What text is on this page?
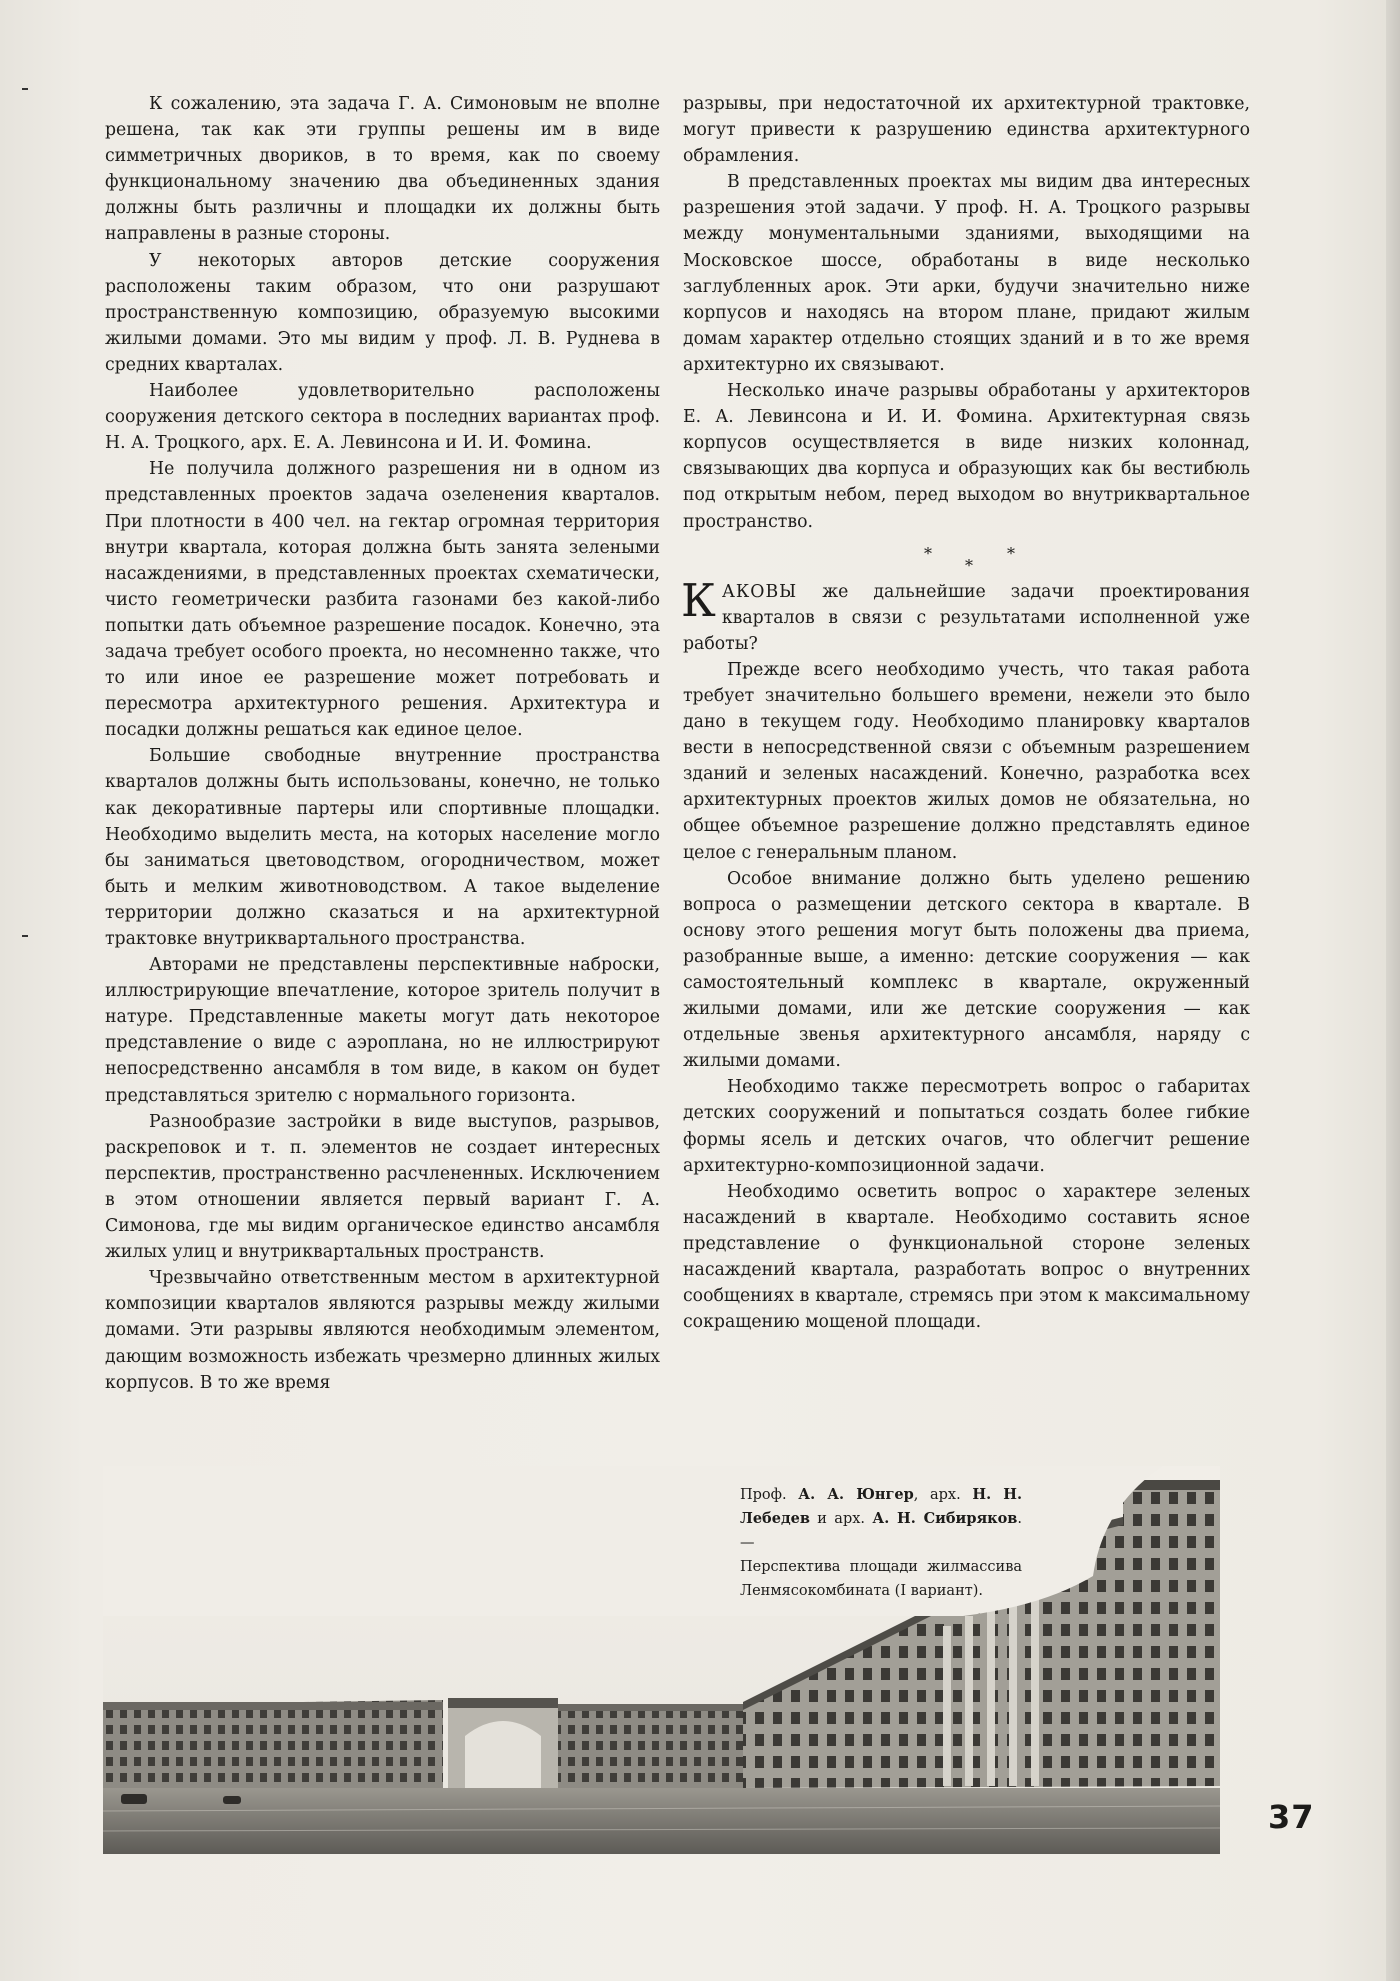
К сожалению, эта задача Г. А. Симоновым не вполне решена, так как эти группы решены им в виде симметричных двориков, в то время, как по своему функциональному значению два объединенных здания должны быть различны и площадки их должны быть направлены в разные стороны.

У некоторых авторов детские сооружения расположены таким образом, что они разрушают пространственную композицию, образуемую высокими жилыми домами. Это мы видим у проф. Л. В. Руднева в средних кварталах.

Наиболее удовлетворительно расположены сооружения детского сектора в последних вариантах проф. Н. А. Троцкого, арх. Е. А. Левинсона и И. И. Фомина.

Не получила должного разрешения ни в одном из представленных проектов задача озеленения кварталов. При плотности в 400 чел. на гектар огромная территория внутри квартала, которая должна быть занята зелеными насаждениями, в представленных проектах схематически, чисто геометрически разбита газонами без какой-либо попытки дать объемное разрешение посадок. Конечно, эта задача требует особого проекта, но несомненно также, что то или иное ее разрешение может потребовать и пересмотра архитектурного решения. Архитектура и посадки должны решаться как единое целое.

Большие свободные внутренние пространства кварталов должны быть использованы, конечно, не только как декоративные партеры или спортивные площадки. Необходимо выделить места, на которых население могло бы заниматься цветоводством, огородничеством, может быть и мелким животноводством. А такое выделение территории должно сказаться и на архитектурной трактовке внутриквартального пространства.

Авторами не представлены перспективные наброски, иллюстрирующие впечатление, которое зритель получит в натуре. Представленные макеты могут дать некоторое представление о виде с аэроплана, но не иллюстрируют непосредственно ансамбля в том виде, в каком он будет представляться зрителю с нормального горизонта.

Разнообразие застройки в виде выступов, разрывов, раскреповок и т. п. элементов не создает интересных перспектив, пространственно расчлененных. Исключением в этом отношении является первый вариант Г. А. Симонова, где мы видим органическое единство ансамбля жилых улиц и внутриквартальных пространств.

Чрезвычайно ответственным местом в архитектурной композиции кварталов являются разрывы между жилыми домами. Эти разрывы являются необходимым элементом, дающим возможность избежать чрезмерно длинных жилых корпусов. В то же время

разрывы, при недостаточной их архитектурной трактовке, могут привести к разрушению единства архитектурного обрамления.

В представленных проектах мы видим два интересных разрешения этой задачи. У проф. Н. А. Троцкого разрывы между монументальными зданиями, выходящими на Московское шоссе, обработаны в виде несколько заглубленных арок. Эти арки, будучи значительно ниже корпусов и находясь на втором плане, придают жилым домам характер отдельно стоящих зданий и в то же время архитектурно их связывают.

Несколько иначе разрывы обработаны у архитекторов Е. А. Левинсона и И. И. Фомина. Архитектурная связь корпусов осуществляется в виде низких колоннад, связывающих два корпуса и образующих как бы вестибюль под открытым небом, перед выходом во внутриквартальное пространство.

*
*
*

КАКОВЫ же дальнейшие задачи проектирования кварталов в связи с результатами исполненной уже работы?

Прежде всего необходимо учесть, что такая работа требует значительно большего времени, нежели это было дано в текущем году. Необходимо планировку кварталов вести в непосредственной связи с объемным разрешением зданий и зеленых насаждений. Конечно, разработка всех архитектурных проектов жилых домов не обязательна, но общее объемное разрешение должно представлять единое целое с генеральным планом.

Особое внимание должно быть уделено решению вопроса о размещении детского сектора в квартале. В основу этого решения могут быть положены два приема, разобранные выше, а именно: детские сооружения — как самостоятельный комплекс в квартале, окруженный жилыми домами, или же детские сооружения — как отдельные звенья архитектурного ансамбля, наряду с жилыми домами.

Необходимо также пересмотреть вопрос о габаритах детских сооружений и попытаться создать более гибкие формы ясель и детских очагов, что облегчит решение архитектурно-композиционной задачи.

Необходимо осветить вопрос о характере зеленых насаждений в квартале. Необходимо составить ясное представление о функциональной стороне зеленых насаждений квартала, разработать вопрос о внутренних сообщениях в квартале, стремясь при этом к максимальному сокращению мощеной площади.

Проф. А. А. Юнгер, арх. Н. Н. Лебедев и арх. А. Н. Сибиряков. —
Перспектива площади жилмассива Ленмясокомбината (I вариант).
37
